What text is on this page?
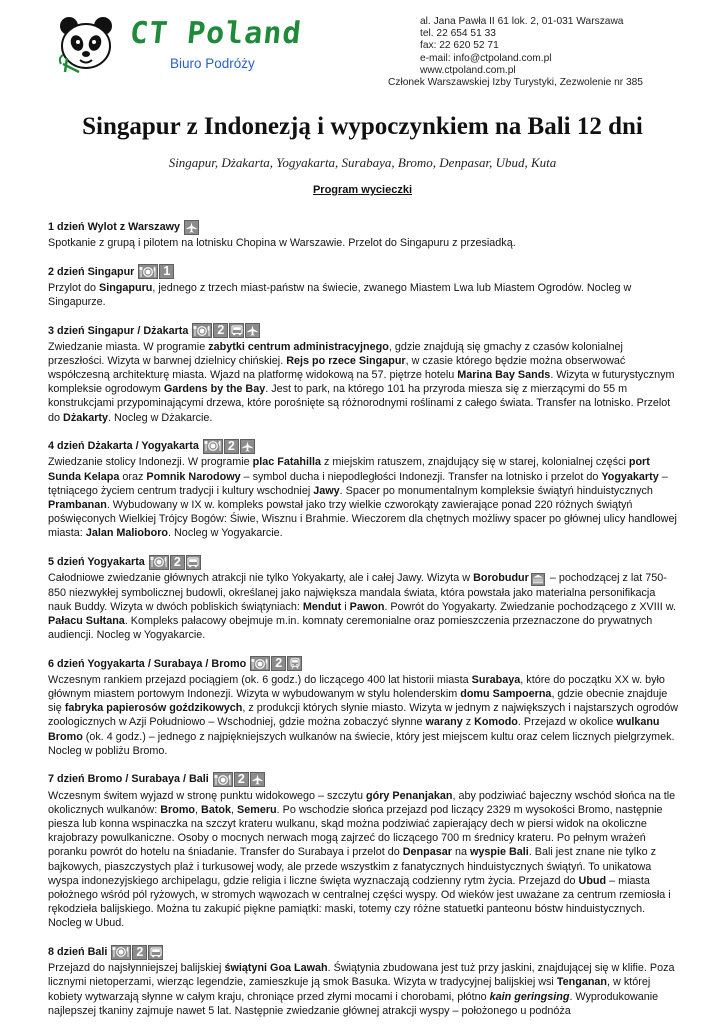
CT Poland
Biuro Podróży
al. Jana Pawła II 61 lok. 2, 01-031 Warszawa
tel. 22 654 51 33
fax: 22 620 52 71
e-mail: info@ctpoland.com.pl
www.ctpoland.com.pl
Członek Warszawskiej Izby Turystyki, Zezwolenie nr 385
Singapur z Indonezją i wypoczynkiem na Bali 12 dni
Singapur, Dżakarta, Yogyakarta, Surabaya, Bromo, Denpasar, Ubud, Kuta
Program wycieczki
1 dzień Wylot z Warszawy
Spotkanie z grupą i pilotem na lotnisku Chopina w Warszawie. Przelot do Singapuru z przesiadką.
2 dzień Singapur	1
Przylot do Singapuru, jednego z trzech miast-państw na świecie, zwanego Miastem Lwa lub Miastem Ogrodów. Nocleg w Singapurze.
3 dzień Singapur / Dżakarta	2
Zwiedzanie miasta. W programie zabytki centrum administracyjnego, gdzie znajdują się gmachy z czasów kolonialnej przeszłości. Wizyta w barwnej dzielnicy chińskiej. Rejs po rzece Singapur, w czasie którego będzie można obserwować współczesną architekturę miasta. Wjazd na platformę widokową na 57. piętrze hotelu Marina Bay Sands. Wizyta w futurystycznym kompleksie ogrodowym Gardens by the Bay. Jest to park, na którego 101 ha przyroda miesza się z mierzącymi do 55 m konstrukcjami przypominającymi drzewa, które porośnięte są różnorodnymi roślinami z całego świata. Transfer na lotnisko. Przelot do Dżakarty. Nocleg w Dżakarcie.
4 dzień Dżakarta / Yogyakarta	2
Zwiedzanie stolicy Indonezji. W programie plac Fatahilla z miejskim ratuszem, znajdujący się w starej, kolonialnej części port Sunda Kelapa oraz Pomnik Narodowy – symbol ducha i niepodległości Indonezji. Transfer na lotnisko i przelot do Yogyakarty – tętniącego życiem centrum tradycji i kultury wschodniej Jawy. Spacer po monumentalnym kompleksie świątyń hinduistycznych Prambanan. Wybudowany w IX w. kompleks powstał jako trzy wielkie czworokąty zawierające ponad 220 różnych świątyń poświęconych Wielkiej Trójcy Bogów: Śiwie, Wisznu i Brahmie. Wieczorem dla chętnych możliwy spacer po głównej ulicy handlowej miasta: Jalan Malioboro. Nocleg w Yogyakarcie.
5 dzień Yogyakarta	2
Całodniowe zwiedzanie głównych atrakcji nie tylko Yokyakarty, ale i całej Jawy. Wizyta w Borobudur
– pochodzącej z lat 750-850 niezwykłej symbolicznej budowli, określanej jako największa mandala świata, która powstała jako materialna personifikacja nauk Buddy. Wizyta w dwóch pobliskich świątyniach: Mendut i Pawon. Powrót do Yogyakarty. Zwiedzanie pochodzącego z XVIII w. Pałacu Sułtana. Kompleks pałacowy obejmuje m.in. komnaty ceremonialne oraz pomieszczenia przeznaczone do prywatnych audiencji. Nocleg w Yogyakarcie.
6 dzień Yogyakarta / Surabaya / Bromo	2
Wczesnym rankiem przejazd pociągiem (ok. 6 godz.) do liczącego 400 lat historii miasta Surabaya, które do początku XX w. było głównym miastem portowym Indonezji. Wizyta w wybudowanym w stylu holenderskim domu Sampoerna, gdzie obecnie znajduje się fabryka papierosów goździkowych, z produkcji których słynie miasto. Wizyta w jednym z największych i najstarszych ogrodów zoologicznych w Azji Południowo – Wschodniej, gdzie można zobaczyć słynne warany z Komodo. Przejazd w okolice wulkanu Bromo (ok. 4 godz.) – jednego z najpiękniejszych wulkanów na świecie, który jest miejscem kultu oraz celem licznych pielgrzymek. Nocleg w pobliżu Bromo.
7 dzień Bromo / Surabaya / Bali	2
Wczesnym świtem wyjazd w stronę punktu widokowego – szczytu góry Penanjakan, aby podziwiać bajeczny wschód słońca na tle okolicznych wulkanów: Bromo, Batok, Semeru. Po wschodzie słońca przejazd pod liczący 2329 m wysokości Bromo, następnie piesza lub konna wspinaczka na szczyt krateru wulkanu, skąd można podziwiać zapierający dech w piersi widok na okoliczne krajobrazy powulkaniczne. Osoby o mocnych nerwach mogą zajrzeć do liczącego 700 m średnicy krateru. Po pełnym wrażeń poranku powrót do hotelu na śniadanie. Transfer do Surabaya i przelot do Denpasar na wyspie Bali. Bali jest znane nie tylko z bajkowych, piaszczystych plaż i turkusowej wody, ale przede wszystkim z fanatycznych hinduistycznych świątyń. To unikatowa wyspa indonezyjskiego archipelagu, gdzie religia i liczne święta wyznaczają codzienny rytm życia. Przejazd do Ubud – miasta położnego wśród pól ryżowych, w stromych wąwozach w centralnej części wyspy. Od wieków jest uważane za centrum rzemiosła i rękodzieła balijskiego. Można tu zakupić piękne pamiątki: maski, totemy czy różne statuetki panteonu bóstw hinduistycznych. Nocleg w Ubud.
8 dzień Bali	2
Przejazd do najsłynniejszej balijskiej świątyni Goa Lawah. Świątynia zbudowana jest tuż przy jaskini, znajdującej się w klifie. Poza licznymi nietoperzami, wierząc legendzie, zamieszkuje ją smok Basuka. Wizyta w tradycyjnej balijskiej wsi Tenganan, w której kobiety wytwarzają słynne w całym kraju, chroniące przed złymi mocami i chorobami, płótno kain geringsing. Wyprodukowanie najlepszej tkaniny zajmuje nawet 5 lat. Następnie zwiedzanie głównej atrakcji wyspy – położonego u podnóża
